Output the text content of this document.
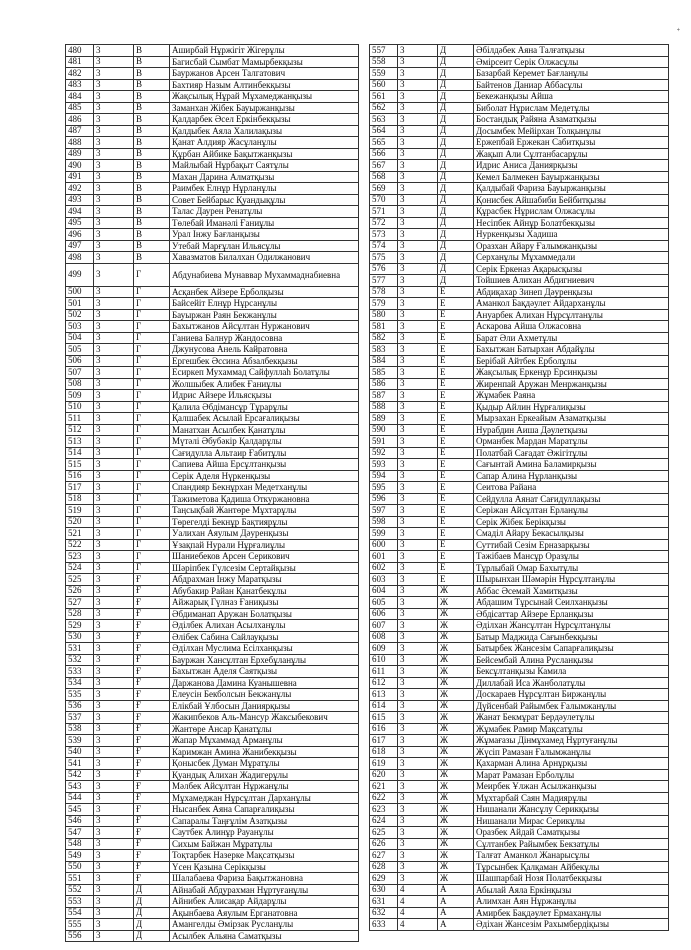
⁺
480	3	В	Аширбай Нұржігіт Жігерұлы
481	3	В	Багисбай Сымбат Мамырбекқызы
482	3	В	Бауржанов Арсен Талгатович
483	3	В	Бахтияр Назым Алтинбекқызы
484	3	В	Жақсылық Нұрай Мұхамеджанқызы
485	3	В	Заманхан Жібек Бауыржанқызы
486	3	В	Қалдарбек Әсел Еркінбекқызы
487	3	В	Қалдыбек Аяла Халилақызы
488	3	В	Қанат Алдияр Жасұланұлы
489	3	В	Құрбан Айбике Бақытжанқызы
490	3	В	Майлыбай Нұрбақыт Саятұлы
491	3	В	Махан Дарина Алматқызы
492	3	В	Раимбек Елнұр Нұрланұлы
493	3	В	Совет Бейбарыс Қуандықұлы
494	3	В	Талас Даурен Ренатұлы
495	3	В	Төлебай Иманәлі Ғаниұлы
496	3	В	Урал Інжу Бағланқызы
497	3	В	Утебай Марғұлан Ильясұлы
498	3	В	Хавазматов Билалхан Одилжанович
499	3	Г	Абдунабиева Мунаввар Мухаммаднабиевна
500	3	Г	Асқанбек Айзере Ерболқызы
501	3	Г	Байсейіт Елнұр Нұрсанұлы
502	3	Г	Бауыржан Раян Бекжанұлы
503	3	Г	Бахытжанов Айсұлтан Нуржанович
504	3	Г	Ганиева Балнур Жандосовна
505	3	Г	Джунусова Анель Кайратовна
506	3	Г	Ергешбек Әссина Абзалбекқызы
507	3	Г	Есиркеп Мухаммад Сайфуллаһ Болатұлы
508	3	Г	Жолшыбек Алибек Ғаниұлы
509	3	Г	Идрис Айзере Ильясқызы
510	3	Г	Қалила Әбдімансұр Тұрарұлы
511	3	Г	Қалшабек Асылай Ерсағалиқызы
512	3	Г	Манатхан Асылбек Қанатұлы
513	3	Г	Мүтәлі Әбубәкір Қалдарұлы
514	3	Г	Сағидулла Альтаир Ғабитұлы
515	3	Г	Сапиева Айша Ерсұлтанқызы
516	3	Г	Серік Аделя Нүркенқызы
517	3	Г	Спандияр Бекнұрхан Медетханұлы
518	3	Г	Тажиметова Қадиша Откуржановна
519	3	Г	Таңсықбай Жантөре Мұхтарұлы
520	3	Г	Төрегелді Бекнұр Бақтиярұлы
521	3	Г	Уалихан Аяулым Дәуренқызы
522	3	Г	Ұзақпай Нурали Нұрғалиұлы
523	3	Г	Шаниебеков Арсен Серикович
524	3	Г	Шәріпбек Гүлсезім Сертайқызы
525	3	Ғ	Абдрахман Інжу Маратқызы
526	3	Ғ	Абубакир Райан Қанатбекұлы
527	3	Ғ	Айжарық Гүлназ Ғаниқызы
528	3	Ғ	Әбдиманап Аружан Болатқызы
529	3	Ғ	Әділбек Алихан Асылханұлы
530	3	Ғ	Әлібек Сабина Сайлауқызы
531	3	Ғ	Әділхан Муслима Есілханқызы
532	3	Ғ	Бауржан Хансұлтан Ерхебұланұлы
533	3	Ғ	Бахытжан Аделя Саятқызы
534	3	Ғ	Даржанова Дамина Куанышевна
535	3	Ғ	Елеусін Бекболсын Бекжанұлы
536	3	Ғ	Елікбай Ұлбосын Даниярқызы
537	3	Ғ	Жакипбеков Аль-Мансур Жаксыбекович
538	3	Ғ	Жантөре Ансар Қанатұлы
539	3	Ғ	Жапар Мұхаммад Арманұлы
540	3	Ғ	Каримжан Амина Жанибекқызы
541	3	Ғ	Қонысбек Думан Мұратұлы
542	3	Ғ	Қуандық Алихан Жадигерұлы
543	3	Ғ	Мәлбек Айсұлтан Нұржанұлы
544	3	Ғ	Мұхамеджан Нұрсұлтан Дарханұлы
545	3	Ғ	Нысанбек Аяна Сапарғалиқызы
546	3	Ғ	Сапаралы Таңғұлім Азатқызы
547	3	Ғ	Саутбек Алинұр Рауанұлы
548	3	Ғ	Сихым Байжан Мұратұлы
549	3	Ғ	Тоқтарбек Назерке Мақсатқызы
550	3	Ғ	Үсен Қазына Серікқызы
551	3	Ғ	Шалабаева Фариза Бақытжановна
552	3	Д	Айнабай Абдурахман Нұртуғанұлы
553	3	Д	Айнибек Алисақар Айдарұлы
554	3	Д	Ақынбаева Аяулым Ерганатовна
555	3	Д	Амангелды Әмірзак Русланұлы
556	3	Д	Асылбек Альяна Саматқызы
557	3	Д	Әбілдәбек Аяна Талғатқызы
558	3	Д	Әмірсеит Серік Олжасұлы
559	3	Д	Базарбай Керемет Бағланұлы
560	3	Д	Байтенов Даниар Аббасұлы
561	3	Д	Бекежанқызы Айша
562	3	Д	Биболат Нұрислам Медетұлы
563	3	Д	Бостандық Райяна Азаматқызы
564	3	Д	Досымбек Мейірхан Толқынұлы
565	3	Д	Ержепбай Ержекан Сабитқызы
566	3	Д	Жақып Али Сұлтанбасарұлы
567	3	Д	Идрис Аниса Даниярқызы
568	3	Д	Кемел Балмекен Бауыржанқызы
569	3	Д	Қалдыбай Фариза Бауыржанқызы
570	3	Д	Қонисбек Айшабиби Бейбитқызы
571	3	Д	Құрасбек Нұрислам Олжасұлы
572	3	Д	Несіпбек Айнұр Болатбекқызы
573	3	Д	Нуркенқызы Хадиша
574	3	Д	Оразхан Айару Ғалымжанқызы
575	3	Д	Серханұлы Мұхаммедали
576	3	Д	Серік Еркеназ Ақарысқызы
577	3	Д	Тойшиев Алихан Абдигниевич
578	3	Е	Абдиқахар Зинеп Дәуренқызы
579	3	Е	Аманкол Бақдәулет Айдарханұлы
580	3	Е	Ануарбек Алихан Нұрсұлтанұлы
581	3	Е	Аскарова Айша Олжасовна
582	3	Е	Барат Әли Ахметұлы
583	3	Е	Бахытжан Батырхан Абдайұлы
584	3	Е	Берібай Айтбек Ерболұлы
585	3	Е	Жақсылық Еркенұр Ерсинқызы
586	3	Е	Жиренпай Аружан Менржанқызы
587	3	Е	Жұмабек Раяна
588	3	Е	Қыдыр Айлин Нұрғалиқызы
589	3	Е	Мырзахан Еркеайым Азаматқызы
590	3	Е	Нурабдин Аиша Дәулетқызы
591	3	Е	Орманбек Мардан Маратұлы
592	3	Е	Полатбай Сағадат Әжігітұлы
593	3	Е	Сағынтай Амина Баламирқызы
594	3	Е	Сапар Алина Нұрланқызы
595	3	Е	Сеитова Райана
596	3	Е	Сейдулла Аянат Сағидуллақызы
597	3	Е	Серіжан Айсұлтан Ерланұлы
598	3	Е	Серік Жібек Берікқызы
599	3	Е	Смаділ Айару Бекасылқызы
600	3	Е	Суттибай Сезім Ерназарқызы
601	3	Е	Тәжібаев Мансұр Оразұлы
602	3	Е	Тұрлыбай Омар Бахытұлы
603	3	Е	Шырынхан Шәмәрін Нұрсұлтанұлы
604	3	Ж	Аббас Әсемай Хамитқызы
605	3	Ж	Абдашим Тұрсынай Сеилханқызы
606	3	Ж	Әбдісаттар Айзере Ерланқызы
607	3	Ж	Әділхан Жансұлтан Нұрсұлтанұлы
608	3	Ж	Батыр Маджида Сағынбекқызы
609	3	Ж	Батырбек Жансезім Сапарғалиқызы
610	3	Ж	Бейсембай Алина Русланқызы
611	3	Ж	Бексұлтанқызы Камила
612	3	Ж	Диллабай Иса Жанболатұлы
613	3	Ж	Доскараев Нұрсұлтан Биржанұлы
614	3	Ж	Дүйсенбай Райымбек Ғалымжанұлы
615	3	Ж	Жанат Бекмұрат Бердәулетұлы
616	3	Ж	Жұмабек Рамир Мақсатұлы
617	3	Ж	Жұмағазы Дінмұхамед Нұртуғанұлы
618	3	Ж	Жүсіп Рамазан Ғалымжанұлы
619	3	Ж	Қахарман Алина Арнұрқызы
620	3	Ж	Марат Рамазан Ерболұлы
621	3	Ж	Меирбек Ұлжан Асылжанқызы
622	3	Ж	Мұхтарбай Саян Мадиярұлы
623	3	Ж	Нишанали Жансұлу Серикқызы
624	3	Ж	Нишанали Мирас Серикұлы
625	3	Ж	Оразбек Айдай Саматқызы
626	3	Ж	Сұлтанбек Райымбек Бекзатұлы
627	3	Ж	Талғат Аманкол Жанарысұлы
628	3	Ж	Тұрсынбек Қалқаман Айбекұлы
629	3	Ж	Шашпарбай Нозя Полатбекқызы
630	4	А	Абылай Аяла Еркінқызы
631	4	А	Алимхан Аян Нұржанұлы
632	4	А	Амирбек Бақдәулет Ермаханұлы
633	4	А	Әдіхан Жансезім Рахымбердіқызы
